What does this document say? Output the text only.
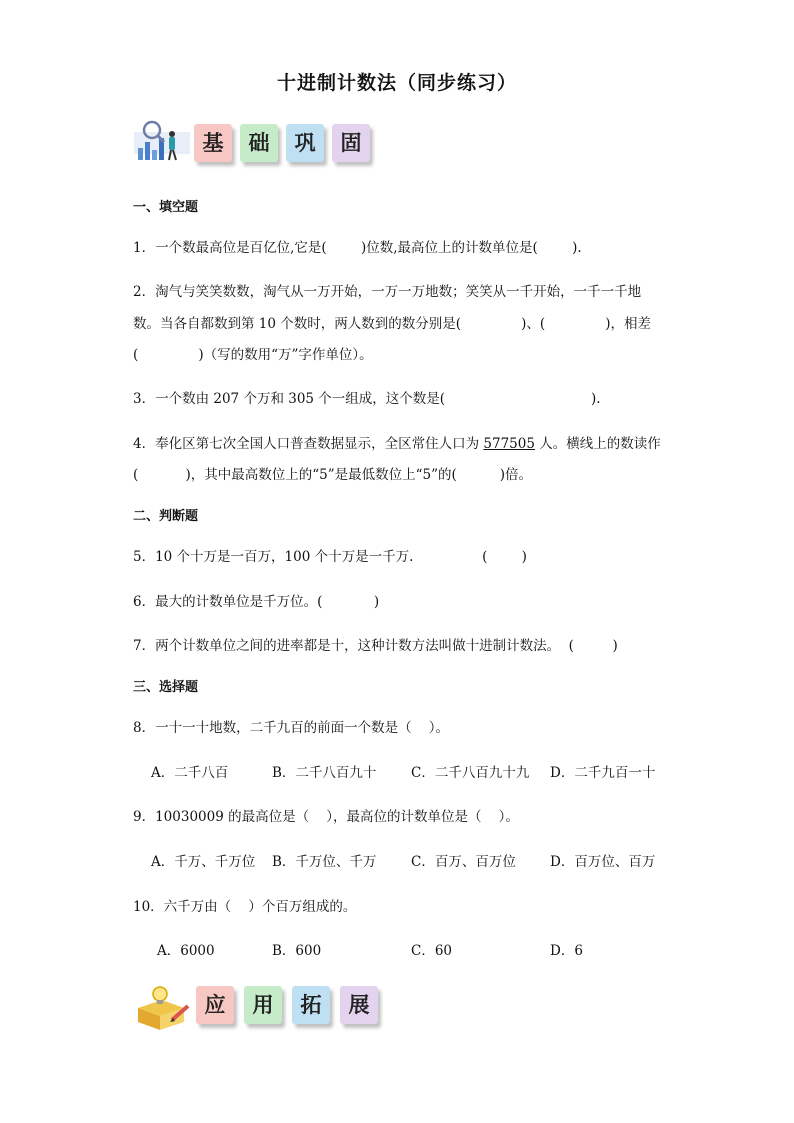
十进制计数法（同步练习）
基	础	巩	固
一、填空题
1．一个数最高位是百亿位,它是(        )位数,最高位上的计数单位是(        ).
2．淘气与笑笑数数，淘气从一万开始，一万一万地数；笑笑从一千开始，一千一千地
数。当各自都数到第 10 个数时，两人数到的数分别是(              )、(              )，相差
(              )（写的数用“万”字作单位）。
3．一个数由 207 个万和 305 个一组成，这个数是(                                  ).
4．奉化区第七次全国人口普查数据显示，全区常住人口为 577505 人。横线上的数读作
(           )，其中最高数位上的“5”是最低数位上“5”的(          )倍。
二、判断题
5．10 个十万是一百万，100 个十万是一千万.                (        )
6．最大的计数单位是千万位。(            )
7．两个计数单位之间的进率都是十，这种计数方法叫做十进制计数法。  (         )
三、选择题
8．一十一十地数，二千九百的前面一个数是（    ）。
A．二千八百	B．二千八百九十	C．二千八百九十九 D．二千九百一十
9．10030009 的最高位是（    ），最高位的计数单位是（    ）。
A．千万、千万位 B．千万位、千万	C．百万、百万位	D．百万位、百万
10．六千万由（    ）个百万组成的。
A．6000	B．600	C．60	D．6
应	用	拓	展
